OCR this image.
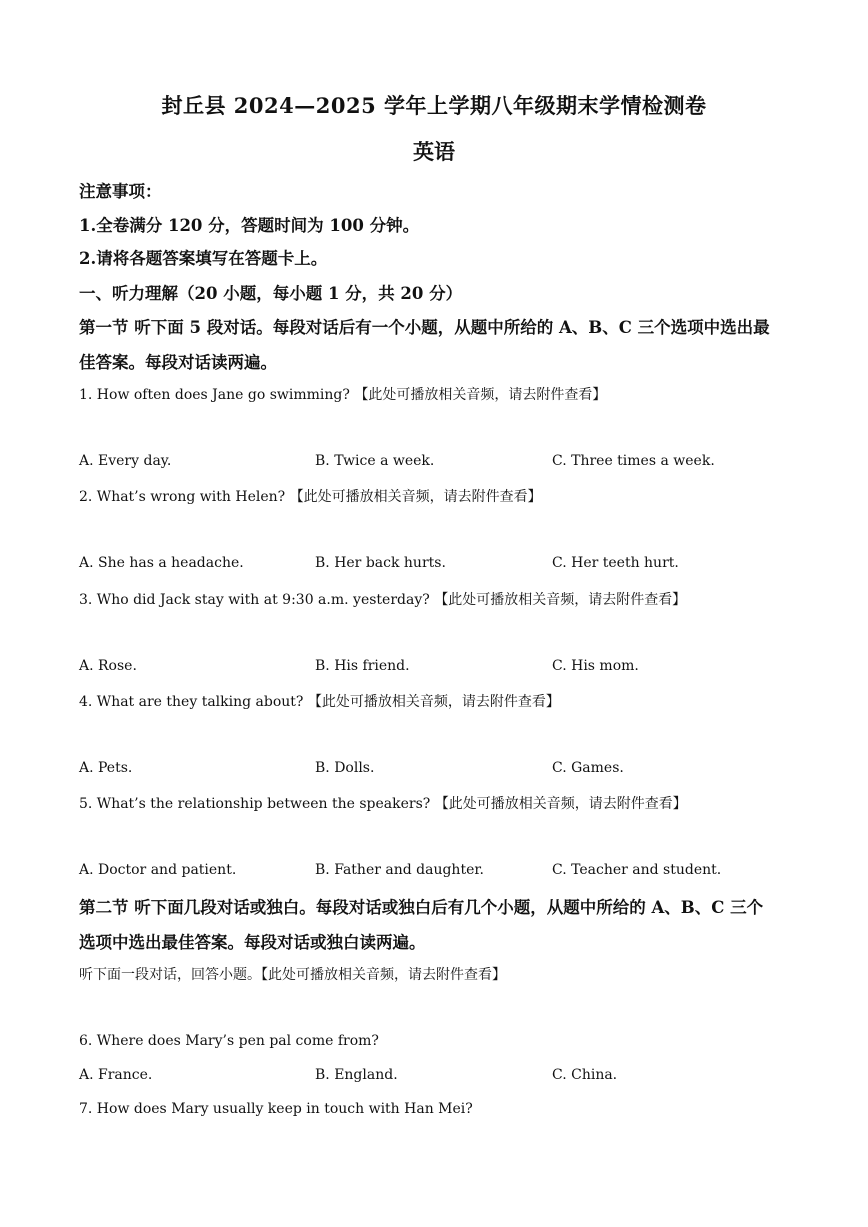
封丘县 2024—2025 学年上学期八年级期末学情检测卷
英语
注意事项：
1.全卷满分 120 分，答题时间为 100 分钟。
2.请将各题答案填写在答题卡上。
一、听力理解（20 小题，每小题 1 分，共 20 分）
第一节 听下面 5 段对话。每段对话后有一个小题，从题中所给的 A、B、C 三个选项中选出最
佳答案。每段对话读两遍。
1. How often does Jane go swimming? 【此处可播放相关音频，请去附件查看】
A. Every day.	B. Twice a week.	C. Three times a week.
2. What’s wrong with Helen? 【此处可播放相关音频，请去附件查看】
A. She has a headache.	B. Her back hurts.	C. Her teeth hurt.
3. Who did Jack stay with at 9:30 a.m. yesterday? 【此处可播放相关音频，请去附件查看】
A. Rose.	B. His friend.	C. His mom.
4. What are they talking about? 【此处可播放相关音频，请去附件查看】
A. Pets.	B. Dolls.	C. Games.
5. What’s the relationship between the speakers? 【此处可播放相关音频，请去附件查看】
A. Doctor and patient.	B. Father and daughter.	C. Teacher and student.
第二节 听下面几段对话或独白。每段对话或独白后有几个小题，从题中所给的 A、B、C 三个
选项中选出最佳答案。每段对话或独白读两遍。
听下面一段对话，回答小题。【此处可播放相关音频，请去附件查看】
6. Where does Mary’s pen pal come from?
A. France.	B. England.	C. China.
7. How does Mary usually keep in touch with Han Mei?
